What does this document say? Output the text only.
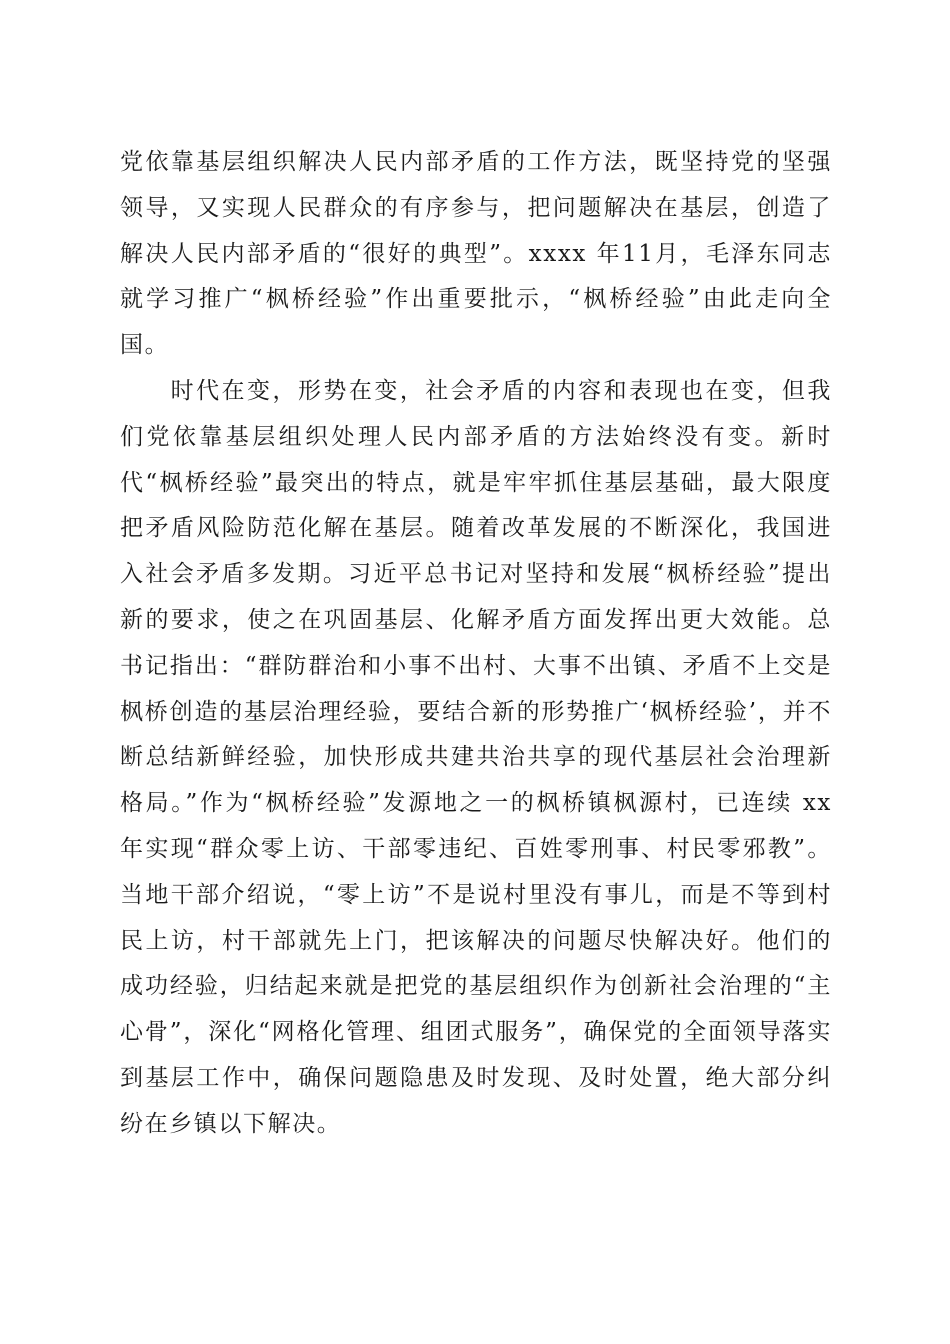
党依靠基层组织解决人民内部矛盾的工作方法，既坚持党的坚强领导，又实现人民群众的有序参与，把问题解决在基层，创造了解决人民内部矛盾的“很好的典型”。xxxx 年11月，毛泽东同志就学习推广“枫桥经验”作出重要批示，“枫桥经验”由此走向全国。

时代在变，形势在变，社会矛盾的内容和表现也在变，但我们党依靠基层组织处理人民内部矛盾的方法始终没有变。新时代“枫桥经验”最突出的特点，就是牢牢抓住基层基础，最大限度把矛盾风险防范化解在基层。随着改革发展的不断深化，我国进入社会矛盾多发期。习近平总书记对坚持和发展“枫桥经验”提出新的要求，使之在巩固基层、化解矛盾方面发挥出更大效能。总书记指出：“群防群治和小事不出村、大事不出镇、矛盾不上交是枫桥创造的基层治理经验，要结合新的形势推广‘枫桥经验’，并不断总结新鲜经验，加快形成共建共治共享的现代基层社会治理新格局。”作为“枫桥经验”发源地之一的枫桥镇枫源村，已连续 xx 年实现“群众零上访、干部零违纪、百姓零刑事、村民零邪教”。当地干部介绍说，“零上访”不是说村里没有事儿，而是不等到村民上访，村干部就先上门，把该解决的问题尽快解决好。他们的成功经验，归结起来就是把党的基层组织作为创新社会治理的“主心骨”，深化“网格化管理、组团式服务”，确保党的全面领导落实到基层工作中，确保问题隐患及时发现、及时处置，绝大部分纠纷在乡镇以下解决。
